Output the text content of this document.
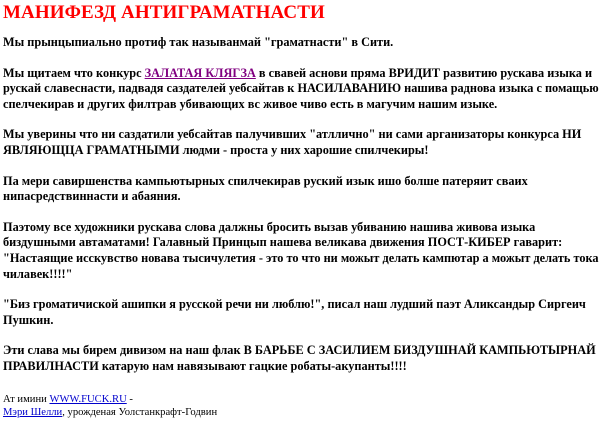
МАНИФЕЗД АНТИГРАМАТНАСТИ

Мы прынцыпиально протиф так называнмай "граматнасти" в Сити.

Мы щитаем что конкурс ЗАЛАТАЯ КЛЯГЗА в свавей аснови пряма ВРИДИТ развитию рускава изыка и рускай славеснасти, падвадя саздателей уебсайтав к НАСИЛАВАНИЮ нашива раднова изыка с помащью спелчекирав и других филтрав убивающих вс живое чиво есть в магучим нашим изыке.

Мы уверины что ни саздатили уебсайтав палучивших "атллично" ни сами арганизаторы конкурса НИ ЯВЛЯЮЩЦА ГРАМАТНЫМИ людми - проста у них харошие спилчекиры!

Па мери савиршенства кампьютырных спилчекирав руский изык ишо болше патеряит сваих нипасредствиннасти и абаяния.

Паэтому все художники рускава слова далжны бросить вызав убиванию нашива живова изыка биздушными автаматами! Галавный Принцып нашева великава движения ПОСТ-КИБЕР гаварит: "Настаящие исскувство новава тысичулетия - это то что ни можыт делать кампютар а можыт делать тока чилавек!!!!"

"Биз громатичиской ашипки я русской речи ни люблю!", писал наш лудший паэт Аликсандыр Сиргеич Пушкин.

Эти слава мы бирем дивизом на наш флак В БАРЬБЕ С ЗАСИЛИЕМ БИЗДУШНАЙ КАМПЬЮТЫРНАЙ ПРАВИЛНАСТИ катарую нам навязывают гацкие робаты-акупанты!!!!

Ат имини WWW.FUCK.RU -
Мэри Шелли, урожденая Уолстанкрафт-Годвин
